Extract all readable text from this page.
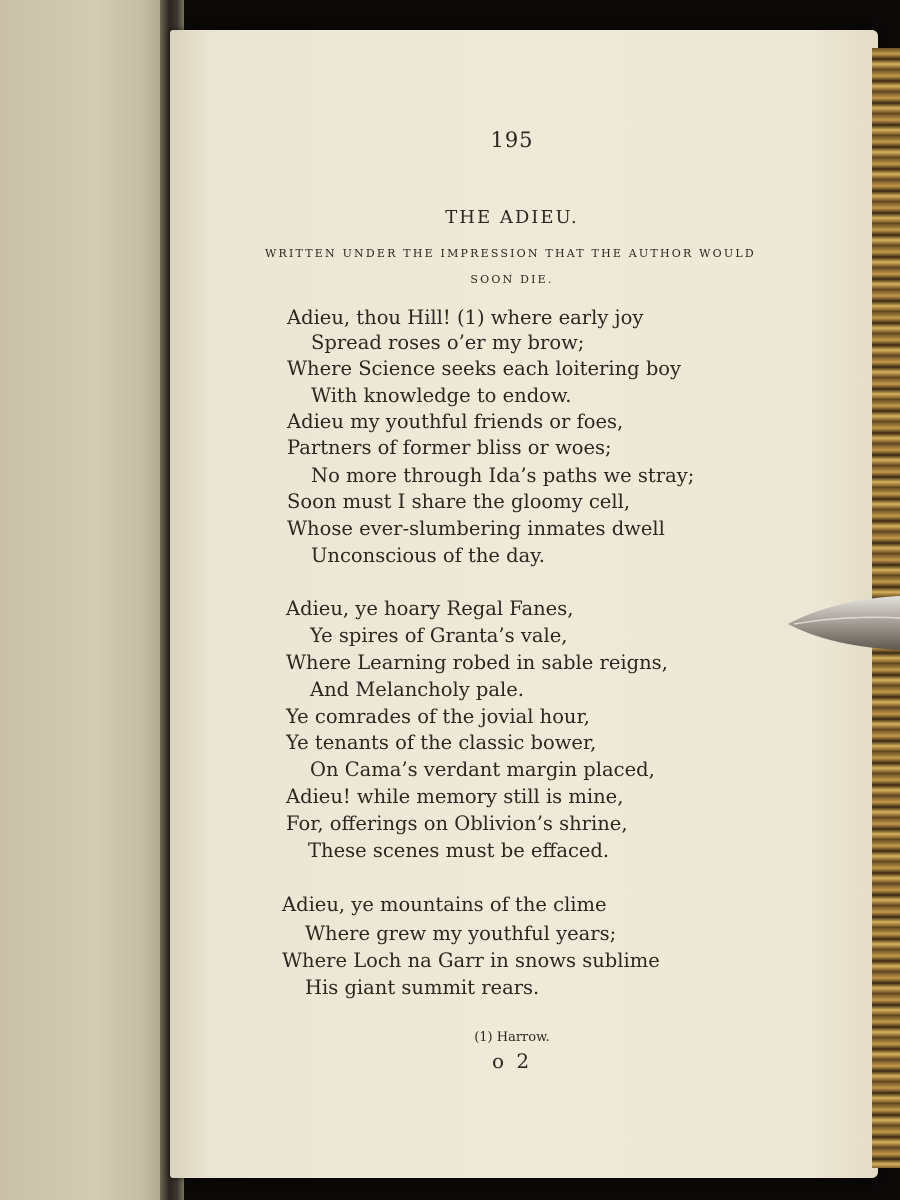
195
THE ADIEU.
WRITTEN UNDER THE IMPRESSION THAT THE AUTHOR WOULD
SOON DIE.
Adieu, thou Hill! (1) where early joy
Spread roses o’er my brow;
Where Science seeks each loitering boy
With knowledge to endow.
Adieu my youthful friends or foes,
Partners of former bliss or woes;
No more through Ida’s paths we stray;
Soon must I share the gloomy cell,
Whose ever-slumbering inmates dwell
Unconscious of the day.
Adieu, ye hoary Regal Fanes,
Ye spires of Granta’s vale,
Where Learning robed in sable reigns,
And Melancholy pale.
Ye comrades of the jovial hour,
Ye tenants of the classic bower,
On Cama’s verdant margin placed,
Adieu! while memory still is mine,
For, offerings on Oblivion’s shrine,
These scenes must be effaced.
Adieu, ye mountains of the clime
Where grew my youthful years;
Where Loch na Garr in snows sublime
His giant summit rears.
(1) Harrow.
o 2
